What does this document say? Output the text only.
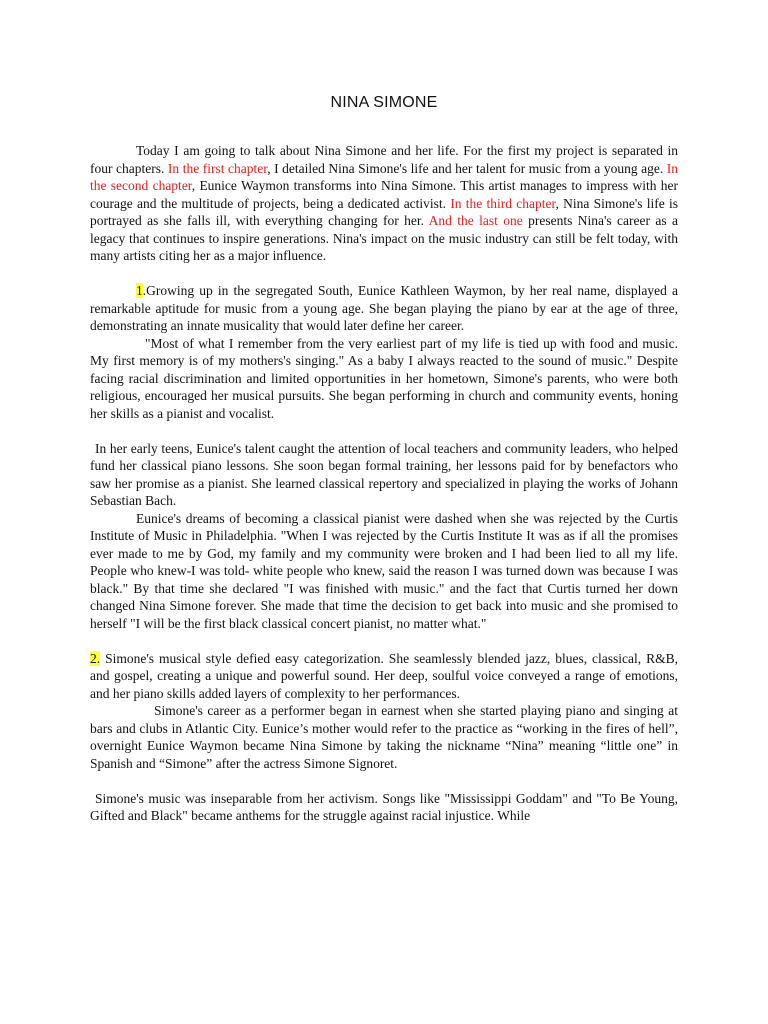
NINA SIMONE

Today I am going to talk about Nina Simone and her life. For the first my project is separated in four chapters. In the first chapter, I detailed Nina Simone's life and her talent for music from a young age. In the second chapter, Eunice Waymon transforms into Nina Simone. This artist manages to impress with her courage and the multitude of projects, being a dedicated activist. In the third chapter, Nina Simone's life is portrayed as she falls ill, with everything changing for her. And the last one presents Nina's career as a legacy that continues to inspire generations. Nina's impact on the music industry can still be felt today, with many artists citing her as a major influence.

1.Growing up in the segregated South, Eunice Kathleen Waymon, by her real name, displayed a remarkable aptitude for music from a young age. She began playing the piano by ear at the age of three, demonstrating an innate musicality that would later define her career.

"Most of what I remember from the very earliest part of my life is tied up with food and music. My first memory is of my mothers's singing." As a baby I always reacted to the sound of music." Despite facing racial discrimination and limited opportunities in her hometown, Simone's parents, who were both religious, encouraged her musical pursuits. She began performing in church and community events, honing her skills as a pianist and vocalist.

In her early teens, Eunice's talent caught the attention of local teachers and community leaders, who helped fund her classical piano lessons. She soon began formal training, her lessons paid for by benefactors who saw her promise as a pianist. She learned classical repertory and specialized in playing the works of Johann Sebastian Bach.

Eunice's dreams of becoming a classical pianist were dashed when she was rejected by the Curtis Institute of Music in Philadelphia. "When I was rejected by the Curtis Institute It was as if all the promises ever made to me by God, my family and my community were broken and I had been lied to all my life. People who knew-I was told- white people who knew, said the reason I was turned down was because I was black." By that time she declared "I was finished with music." and the fact that Curtis turned her down changed Nina Simone forever. She made that time the decision to get back into music and she promised to herself "I will be the first black classical concert pianist, no matter what."

2. Simone's musical style defied easy categorization. She seamlessly blended jazz, blues, classical, R&B, and gospel, creating a unique and powerful sound. Her deep, soulful voice conveyed a range of emotions, and her piano skills added layers of complexity to her performances.

Simone's career as a performer began in earnest when she started playing piano and singing at bars and clubs in Atlantic City. Eunice’s mother would refer to the practice as “working in the fires of hell”, overnight Eunice Waymon became Nina Simone by taking the nickname “Nina” meaning “little one” in Spanish and “Simone” after the actress Simone Signoret.

Simone's music was inseparable from her activism. Songs like "Mississippi Goddam" and "To Be Young, Gifted and Black" became anthems for the struggle against racial injustice. While
